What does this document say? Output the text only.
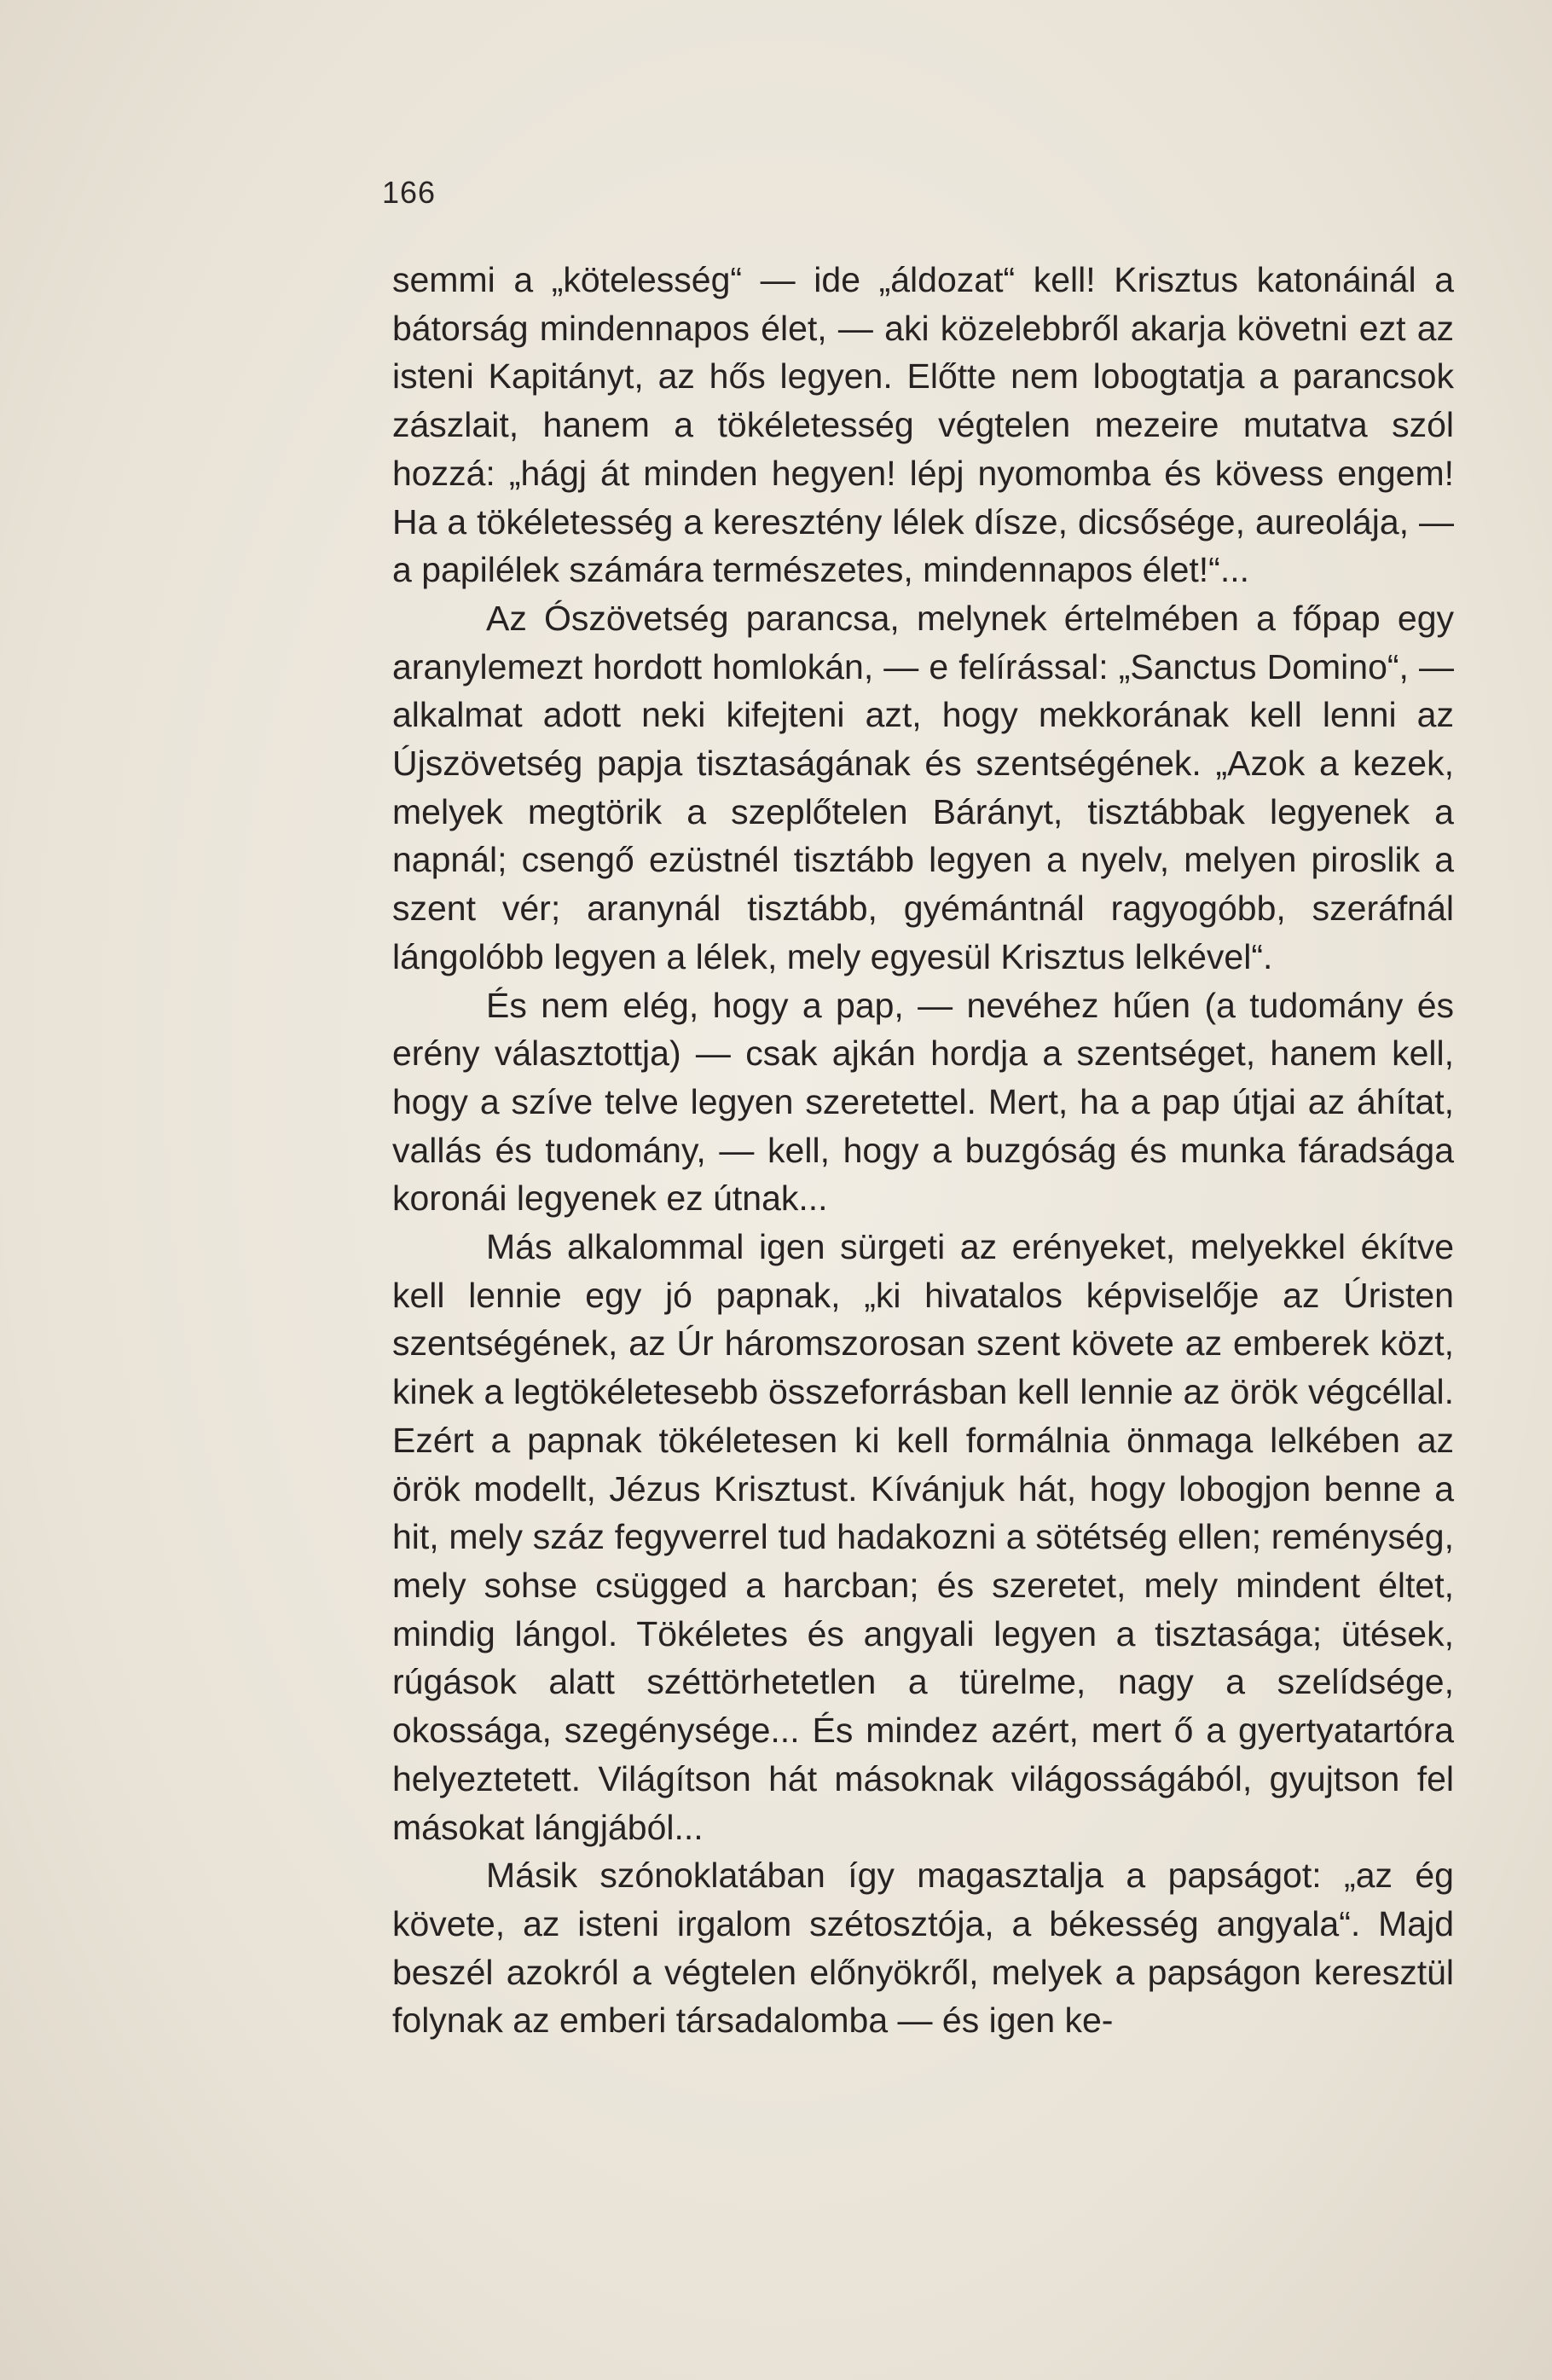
166

semmi a „kötelesség“ — ide „áldozat“ kell! Krisztus katonáinál a bátorság mindennapos élet, — aki közelebbről akarja követni ezt az isteni Kapitányt, az hős legyen. Előtte nem lobogtatja a parancsok zászlait, hanem a tökéletesség végtelen mezeire mutatva szól hozzá: „hágj át minden hegyen! lépj nyomomba és kövess engem! Ha a tökéletesség a keresztény lélek dísze, dicsősége, aureolája, — a papilélek számára természetes, mindennapos élet!“...

Az Ószövetség parancsa, melynek értelmében a főpap egy aranylemezt hordott homlokán, — e felírással: „Sanctus Domino“, — alkalmat adott neki kifejteni azt, hogy mekkorának kell lenni az Újszövetség papja tisztaságának és szentségének. „Azok a kezek, melyek megtörik a szeplőtelen Bárányt, tisztábbak legyenek a napnál; csengő ezüstnél tisztább legyen a nyelv, melyen piroslik a szent vér; aranynál tisztább, gyémántnál ragyogóbb, szeráfnál lángolóbb legyen a lélek, mely egyesül Krisztus lelkével“.

És nem elég, hogy a pap, — nevéhez hűen (a tudomány és erény választottja) — csak ajkán hordja a szentséget, hanem kell, hogy a szíve telve legyen szeretettel. Mert, ha a pap útjai az áhítat, vallás és tudomány, — kell, hogy a buzgóság és munka fáradsága koronái legyenek ez útnak...

Más alkalommal igen sürgeti az erényeket, melyekkel ékítve kell lennie egy jó papnak, „ki hivatalos képviselője az Úristen szentségének, az Úr háromszorosan szent követe az emberek közt, kinek a legtökéletesebb összeforrásban kell lennie az örök végcéllal. Ezért a papnak tökéletesen ki kell formálnia önmaga lelkében az örök modellt, Jézus Krisztust. Kívánjuk hát, hogy lobogjon benne a hit, mely száz fegyverrel tud hadakozni a sötétség ellen; reménység, mely sohse csügged a harcban; és szeretet, mely mindent éltet, mindig lángol. Tökéletes és angyali legyen a tisztasága; ütések, rúgások alatt széttörhetetlen a türelme, nagy a szelídsége, okossága, szegénysége... És mindez azért, mert ő a gyertyatartóra helyeztetett. Világítson hát másoknak világosságából, gyujtson fel másokat lángjából...

Másik szónoklatában így magasztalja a papságot: „az ég követe, az isteni irgalom szétosztója, a békesség angyala“. Majd beszél azokról a végtelen előnyökről, melyek a papságon keresztül folynak az emberi társadalomba — és igen ke-
